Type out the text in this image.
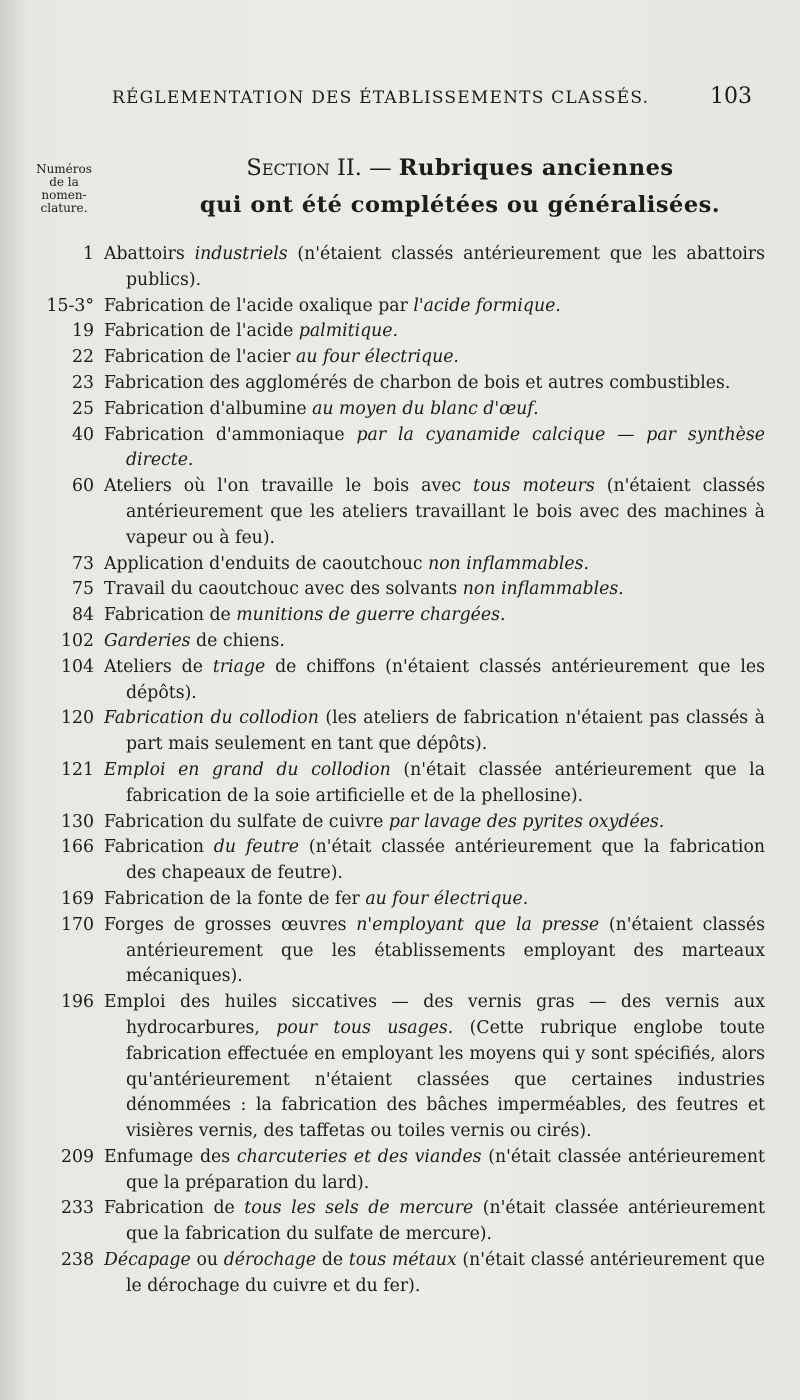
RÉGLEMENTATION DES ÉTABLISSEMENTS CLASSÉS.	103
Numéros
de la
nomen-
clature.
Section II. — Rubriques anciennes
qui ont été complétées ou généralisées.
1 Abattoirs industriels (n'étaient classés antérieurement que les abattoirs publics).
15-3° Fabrication de l'acide oxalique par l'acide formique.
19 Fabrication de l'acide palmitique.
22 Fabrication de l'acier au four électrique.
23 Fabrication des agglomérés de charbon de bois et autres combustibles.
25 Fabrication d'albumine au moyen du blanc d'œuf.
40 Fabrication d'ammoniaque par la cyanamide calcique — par synthèse directe.
60 Ateliers où l'on travaille le bois avec tous moteurs (n'étaient classés antérieurement que les ateliers travaillant le bois avec des machines à vapeur ou à feu).
73 Application d'enduits de caoutchouc non inflammables.
75 Travail du caoutchouc avec des solvants non inflammables.
84 Fabrication de munitions de guerre chargées.
102 Garderies de chiens.
104 Ateliers de triage de chiffons (n'étaient classés antérieurement que les dépôts).
120 Fabrication du collodion (les ateliers de fabrication n'étaient pas classés à part mais seulement en tant que dépôts).
121 Emploi en grand du collodion (n'était classée antérieurement que la fabrication de la soie artificielle et de la phellosine).
130 Fabrication du sulfate de cuivre par lavage des pyrites oxydées.
166 Fabrication du feutre (n'était classée antérieurement que la fabrication des chapeaux de feutre).
169 Fabrication de la fonte de fer au four électrique.
170 Forges de grosses œuvres n'employant que la presse (n'étaient classés antérieurement que les établissements employant des marteaux mécaniques).
196 Emploi des huiles siccatives — des vernis gras — des vernis aux hydrocarbures, pour tous usages. (Cette rubrique englobe toute fabrication effectuée en employant les moyens qui y sont spécifiés, alors qu'antérieurement n'étaient classées que certaines industries dénommées : la fabrication des bâches imperméables, des feutres et visières vernis, des taffetas ou toiles vernis ou cirés).
209 Enfumage des charcuteries et des viandes (n'était classée antérieurement que la préparation du lard).
233 Fabrication de tous les sels de mercure (n'était classée antérieurement que la fabrication du sulfate de mercure).
238 Décapage ou dérochage de tous métaux (n'était classé antérieurement que le dérochage du cuivre et du fer).
